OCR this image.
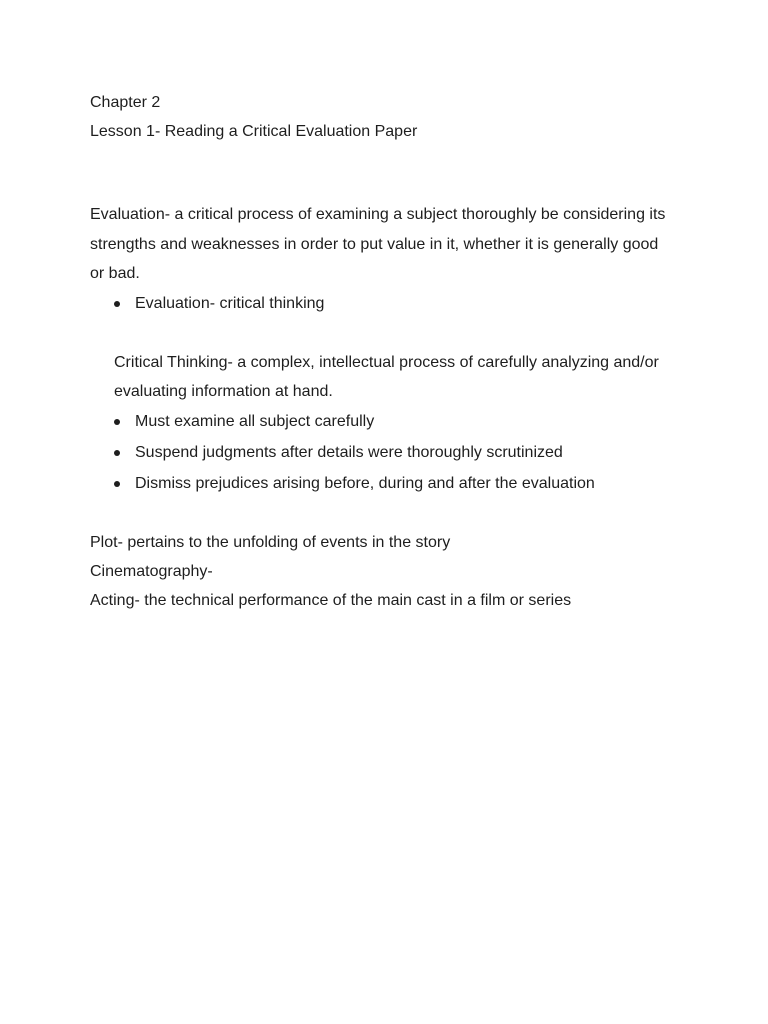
Chapter 2
Lesson 1- Reading a Critical Evaluation Paper
Evaluation- a critical process of examining a subject thoroughly be considering its
strengths and weaknesses in order to put value in it, whether it is generally good
or bad.
Evaluation- critical thinking
Critical Thinking- a complex, intellectual process of carefully analyzing and/or
evaluating information at hand.
Must examine all subject carefully
Suspend judgments after details were thoroughly scrutinized
Dismiss prejudices arising before, during and after the evaluation
Plot- pertains to the unfolding of events in the story
Cinematography-
Acting- the technical performance of the main cast in a film or series
